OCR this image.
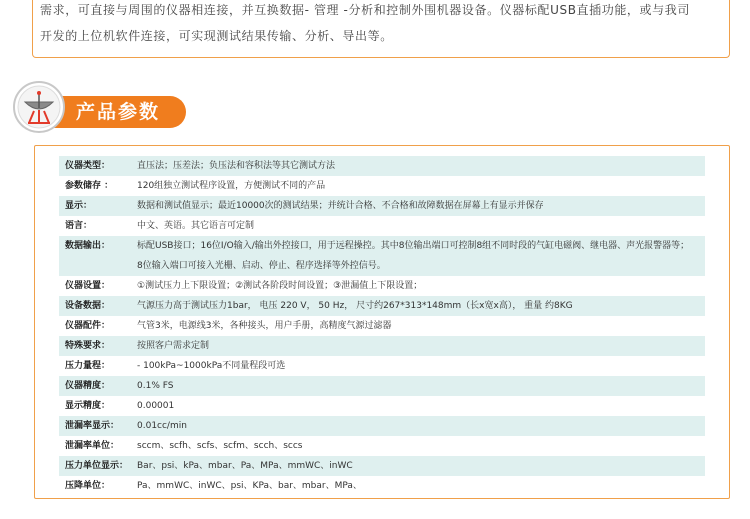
需求，可直接与周围的仪器相连接，并互换数据- 管理 -分析和控制外围机器设备。仪器标配USB直插功能，或与我司
开发的上位机软件连接，可实现测试结果传输、分析、导出等。
产品参数
仪器类型：	直压法；压差法；负压法和容积法等其它测试方法
参数储存 ：	120组独立测试程序设置，方便测试不同的产品
显示：	数据和测试值显示；最近10000次的测试结果；并统计合格、不合格和故障数据在屏幕上有显示并保存
语言：	中文、英语。其它语言可定制
数据输出：	标配USB接口；16位I/O输入/输出外控接口，用于远程操控。其中8位输出端口可控制8组不同时段的气缸电磁阀、继电器、声光报警器等；
8位输入端口可接入光栅、启动、停止、程序选择等外控信号。
仪器设置：	①测试压力上下限设置；②测试各阶段时间设置；③泄漏值上下限设置；
设备数据：	气源压力高于测试压力1bar， 电压 220 V， 50 Hz， 尺寸约267*313*148mm（长x宽x高）， 重量 约8KG
仪器配件：	气管3米，电源线3米，各种接头，用户手册，高精度气源过滤器
特殊要求：	按照客户需求定制
压力量程：	- 100kPa~1000kPa不同量程段可选
仪器精度：	0.1% FS
显示精度：	0.00001
泄漏率显示：	0.01cc/min
泄漏率单位：	sccm、scfh、scfs、scfm、scch、sccs
压力单位显示： Bar、psi、kPa、mbar、Pa、MPa、mmWC、inWC
压降单位：	Pa、mmWC、inWC、psi、KPa、bar、mbar、MPa、
